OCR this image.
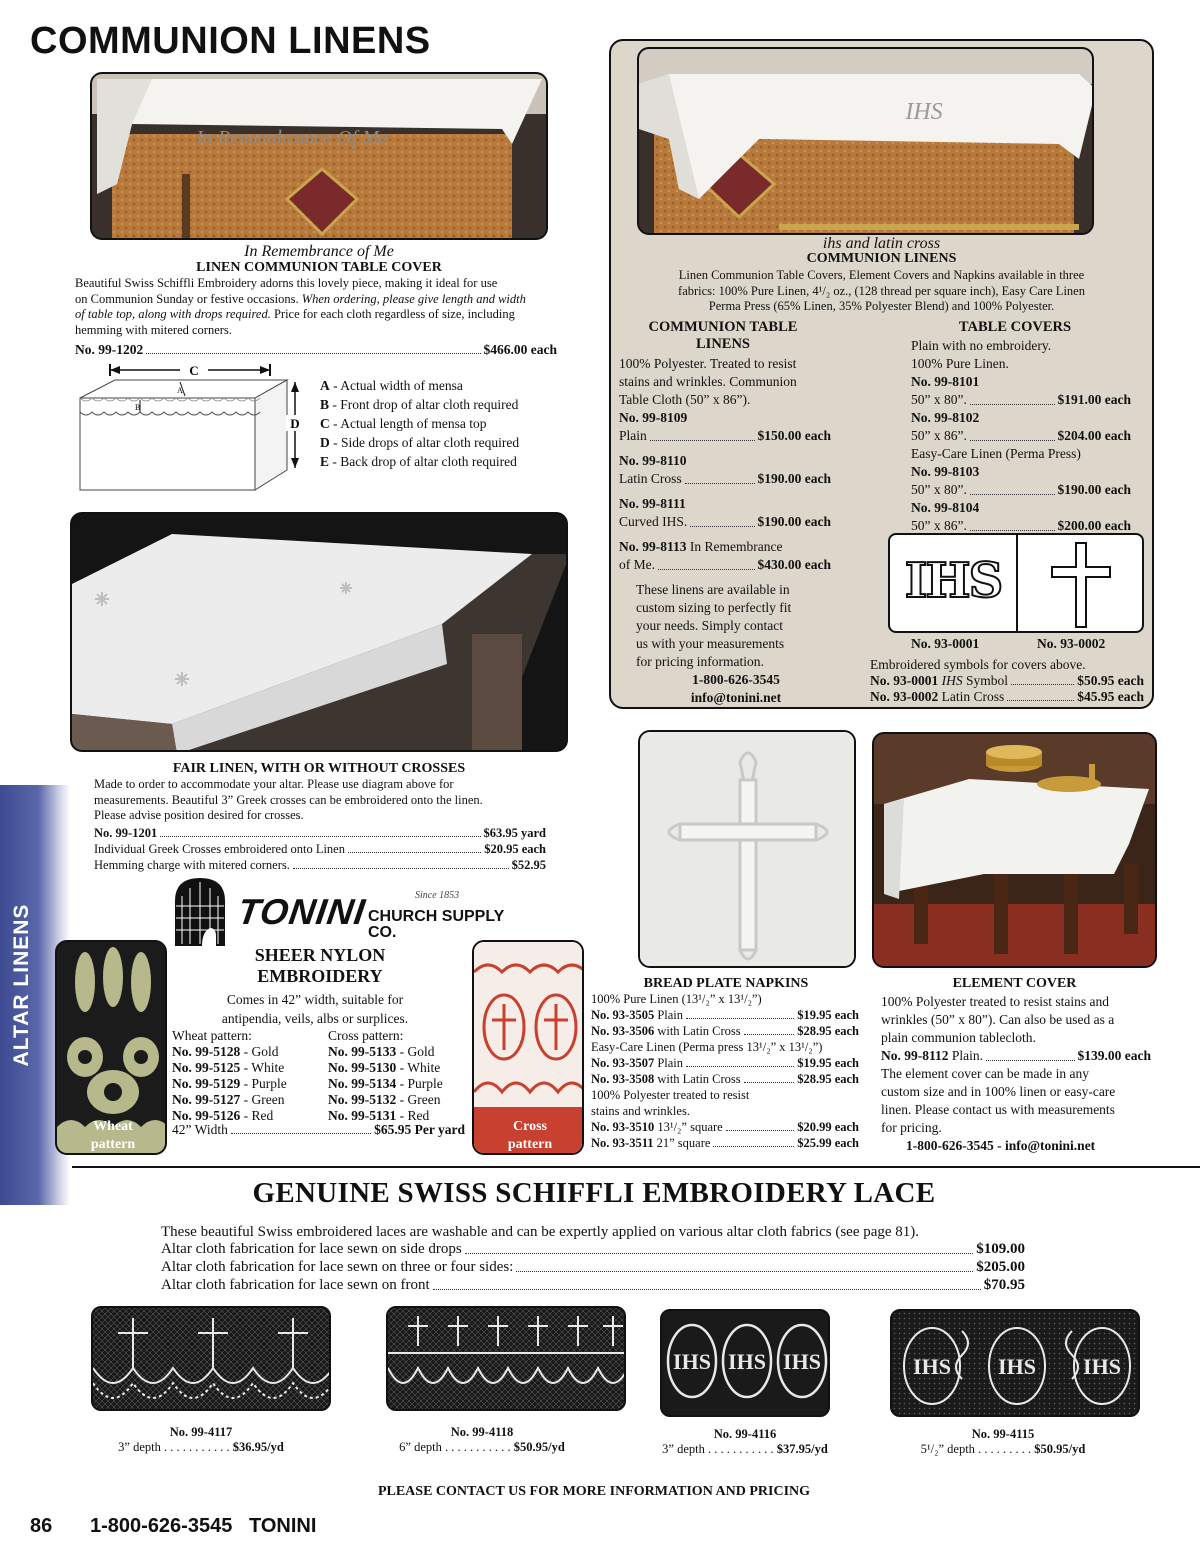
COMMUNION LINENS
ALTAR LINENS
In Remembrance Of Me
In Remembrance of Me
LINEN COMMUNION TABLE COVER
Beautiful Swiss Schiffli Embroidery adorns this lovely piece, making it ideal for use
on Communion Sunday or festive occasions. When ordering, please give length and width
of table top, along with drops required. Price for each cloth regardless of size, including
hemming with mitered corners.
No. 99-1202	$466.00 each
C
A
B
D
A - Actual width of mensa
B - Front drop of altar cloth required
C - Actual length of mensa top
D - Side drops of altar cloth required
E - Back drop of altar cloth required
FAIR LINEN, WITH OR WITHOUT CROSSES
Made to order to accommodate your altar. Please use diagram above for
measurements. Beautiful 3” Greek crosses can be embroidered onto the linen.
Please advise position desired for crosses.
No. 99-1201	$63.95 yard
Individual Greek Crosses embroidered onto Linen	$20.95 each
Hemming charge with mitered corners.	$52.95
TONINI CHURCH SUPPLY CO.
Since 1853
Wheat
pattern
SHEER NYLON
EMBROIDERY
Comes in 42” width, suitable for
antipendia, veils, albs or surplices.
Wheat pattern:
No. 99-5128 - Gold
No. 99-5125 - White
No. 99-5129 - Purple
No. 99-5127 - Green
No. 99-5126 - Red
Cross pattern:
No. 99-5133 - Gold
No. 99-5130 - White
No. 99-5134 - Purple
No. 99-5132 - Green
No. 99-5131 - Red
42” Width	$65.95 Per yard	Cross
pattern
IHS
ihs and latin cross
COMMUNION LINENS
Linen Communion Table Covers, Element Covers and Napkins available in three
fabrics: 100% Pure Linen, 4¹/₂ oz., (128 thread per square inch), Easy Care Linen
Perma Press (65% Linen, 35% Polyester Blend) and 100% Polyester.
COMMUNION TABLE
LINENS
100% Polyester. Treated to resist
stains and wrinkles. Communion
Table Cloth (50” x 86”).
No. 99-8109
Plain	$150.00 each
No. 99-8110
Latin Cross	$190.00 each
No. 99-8111
Curved IHS.	$190.00 each
No. 99-8113 In Remembrance
of Me.	$430.00 each
These linens are available in
custom sizing to perfectly fit
your needs. Simply contact
us with your measurements
for pricing information.
1-800-626-3545
info@tonini.net
TABLE COVERS
Plain with no embroidery.
100% Pure Linen.
No. 99-8101
50” x 80”.	$191.00 each
No. 99-8102
50” x 86”.	$204.00 each
Easy-Care Linen (Perma Press)
No. 99-8103
50” x 80”.	$190.00 each
No. 99-8104
50” x 86”.	$200.00 each
IHS
No. 93-0001	No. 93-0002
Embroidered symbols for covers above.
No. 93-0001 IHS Symbol	$50.95 each
No. 93-0002 Latin Cross	$45.95 each
BREAD PLATE NAPKINS
100% Pure Linen (13¹/₂” x 13¹/₂”)
No. 93-3505 Plain	$19.95 each
No. 93-3506 with Latin Cross	$28.95 each
Easy-Care Linen (Perma press 13¹/₂” x 13¹/₂”)
No. 93-3507 Plain	$19.95 each
No. 93-3508 with Latin Cross	$28.95 each
100% Polyester treated to resist
stains and wrinkles.
No. 93-3510 13¹/₂” square	$20.99 each
No. 93-3511 21” square	$25.99 each
ELEMENT COVER
100% Polyester treated to resist stains and
wrinkles (50” x 80”). Can also be used as a
plain communion tablecloth.
No. 99-8112 Plain.	$139.00 each
The element cover can be made in any
custom size and in 100% linen or easy-care
linen. Please contact us with measurements
for pricing.
1-800-626-3545 - info@tonini.net
GENUINE SWISS SCHIFFLI EMBROIDERY LACE
These beautiful Swiss embroidered laces are washable and can be expertly applied on various altar cloth fabrics (see page 81).
Altar cloth fabrication for lace sewn on side drops	$109.00
Altar cloth fabrication for lace sewn on three or four sides:	$205.00
Altar cloth fabrication for lace sewn on front	$70.95
No. 99-4117
3” depth . . . . . . . . . . . $36.95/yd
No. 99-4118
6” depth . . . . . . . . . . . $50.95/yd
IHS IHS IHS
No. 99-4116
3” depth . . . . . . . . . . . $37.95/yd
IHS IHS IHS
No. 99-4115
5¹/₂” depth . . . . . . . . . $50.95/yd
PLEASE CONTACT US FOR MORE INFORMATION AND PRICING
86 1-800-626-3545   TONINI
